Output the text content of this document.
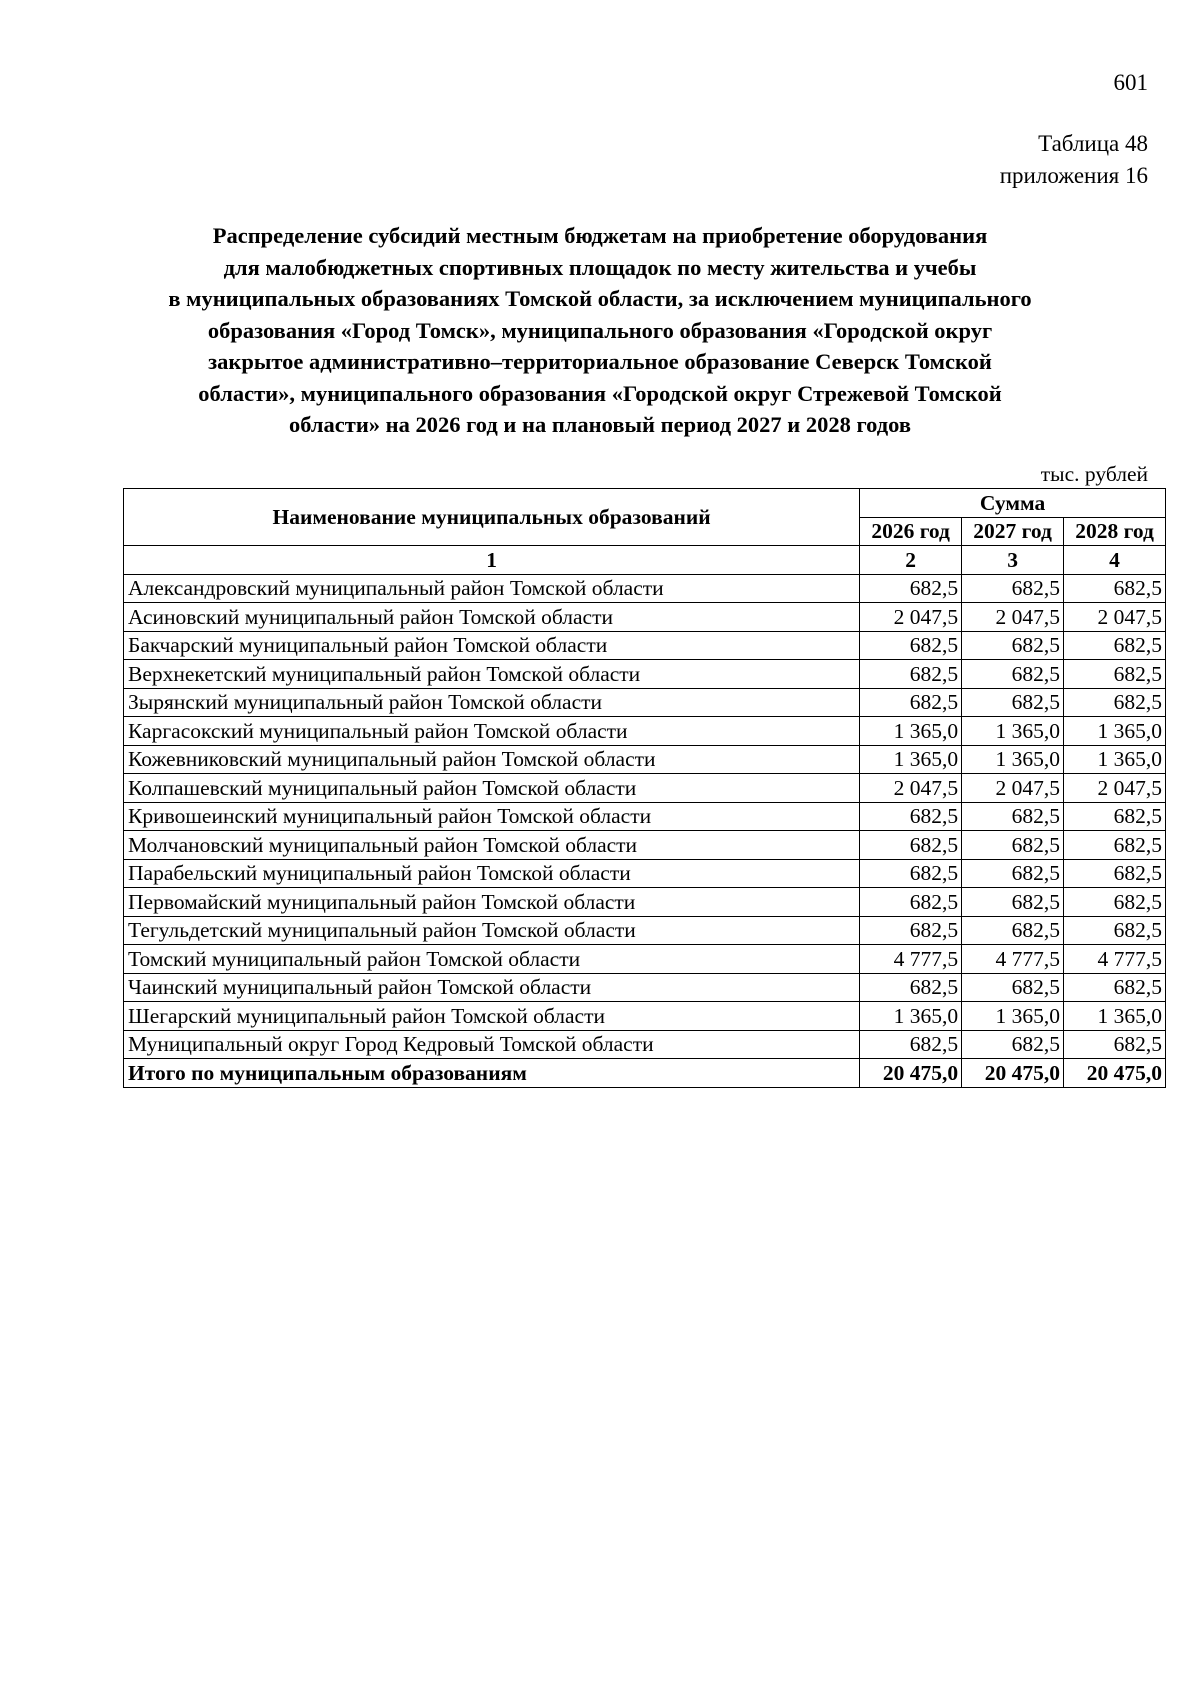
601
Таблица 48
приложения 16
Распределение субсидий местным бюджетам на приобретение оборудования
для малобюджетных спортивных площадок по месту жительства и учебы
в муниципальных образованиях Томской области, за исключением муниципального
образования «Город Томск», муниципального образования «Городской округ
закрытое административно–территориальное образование Северск Томской
области», муниципального образования «Городской округ Стрежевой Томской
области» на 2026 год и на плановый период 2027 и 2028 годов
тыс. рублей
Наименование муниципальных образований	Сумма		
	2026 год	2027 год	2028 год
1	2	3	4
Александровский муниципальный район Томской области	682,5	682,5	682,5
Асиновский муниципальный район Томской области	2 047,5	2 047,5	2 047,5
Бакчарский муниципальный район Томской области	682,5	682,5	682,5
Верхнекетский муниципальный район Томской области	682,5	682,5	682,5
Зырянский муниципальный район Томской области	682,5	682,5	682,5
Каргасокский муниципальный район Томской области	1 365,0	1 365,0	1 365,0
Кожевниковский муниципальный район Томской области	1 365,0	1 365,0	1 365,0
Колпашевский муниципальный район Томской области	2 047,5	2 047,5	2 047,5
Кривошеинский муниципальный район Томской области	682,5	682,5	682,5
Молчановский муниципальный район Томской области	682,5	682,5	682,5
Парабельский муниципальный район Томской области	682,5	682,5	682,5
Первомайский муниципальный район Томской области	682,5	682,5	682,5
Тегульдетский муниципальный район Томской области	682,5	682,5	682,5
Томский муниципальный район Томской области	4 777,5	4 777,5	4 777,5
Чаинский муниципальный район Томской области	682,5	682,5	682,5
Шегарский муниципальный район Томской области	1 365,0	1 365,0	1 365,0
Муниципальный округ Город Кедровый Томской области	682,5	682,5	682,5
Итого по муниципальным образованиям	20 475,0	20 475,0	20 475,0
